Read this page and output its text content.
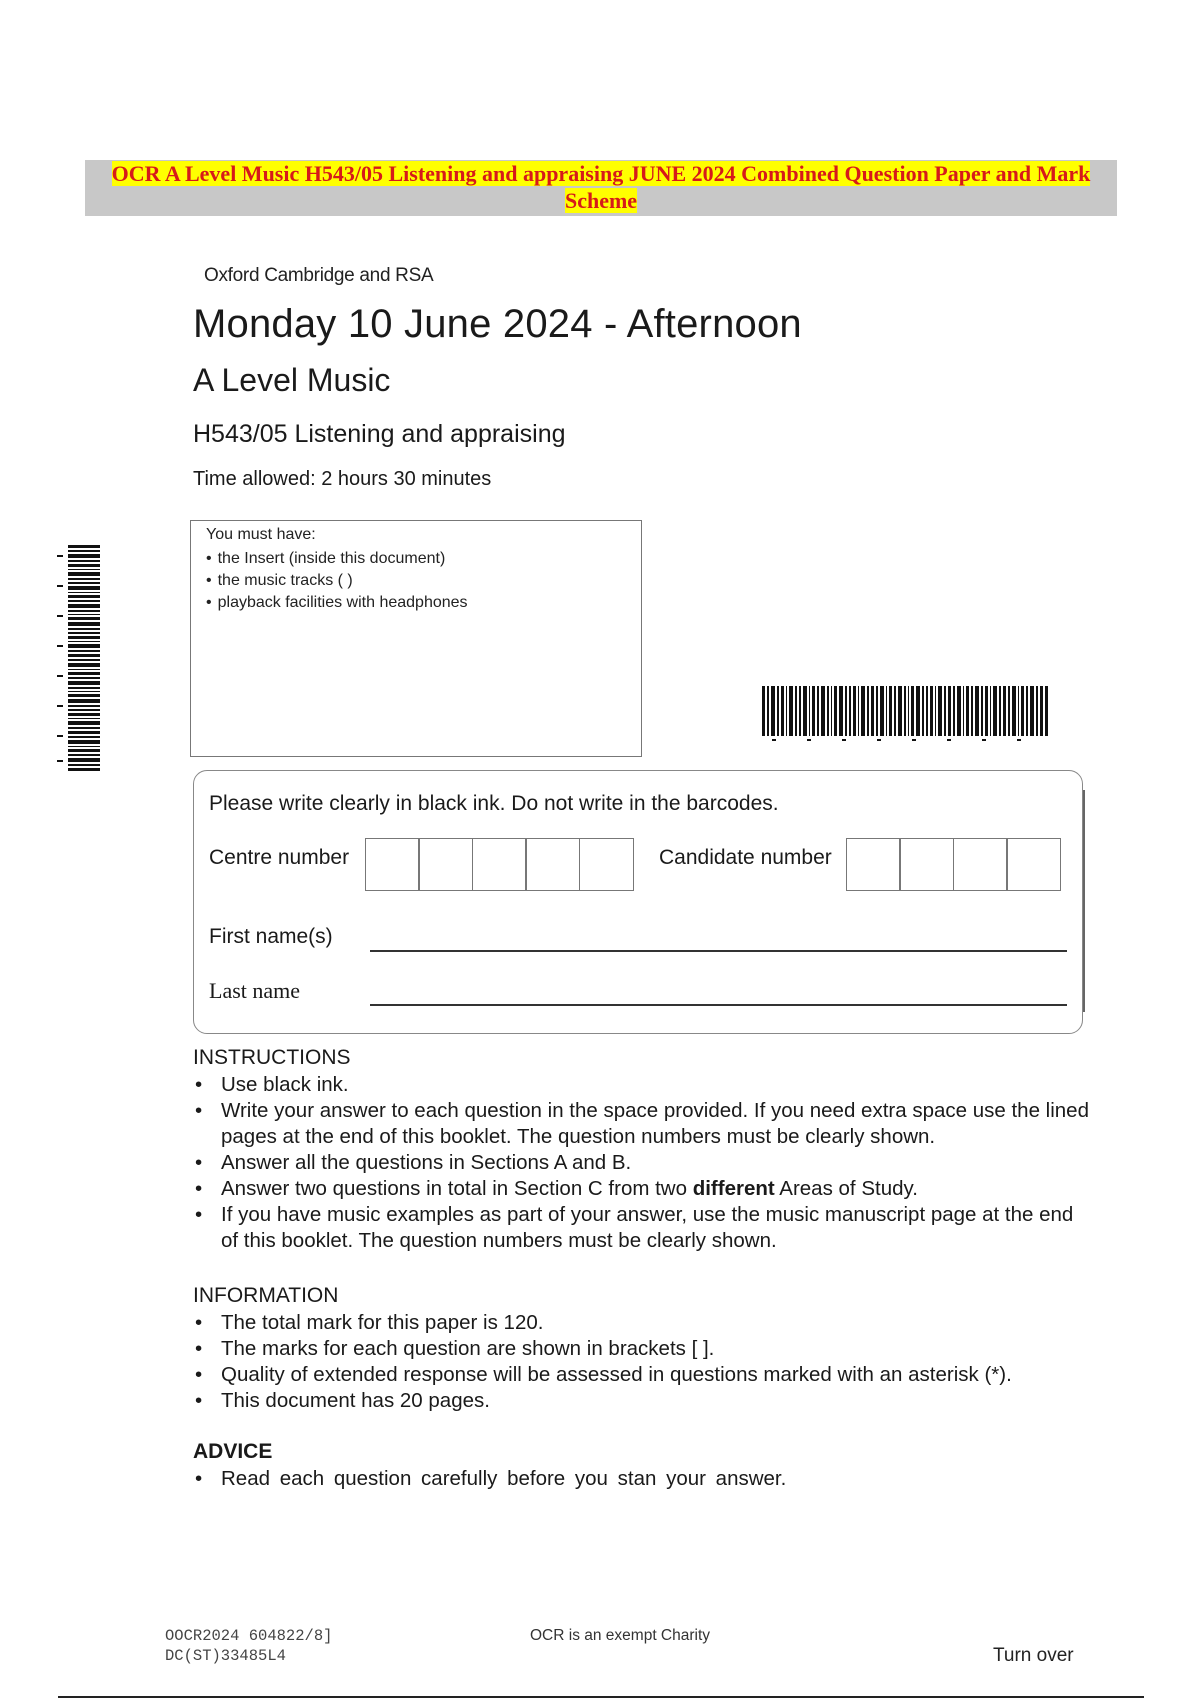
OCR A Level Music H543/05 Listening and appraising JUNE 2024 Combined Question Paper and Mark Scheme
Oxford Cambridge and RSA
Monday 10 June 2024 - Afternoon
A Level Music
H543/05 Listening and appraising
Time allowed: 2 hours 30 minutes
You must have:
• the Insert (inside this document)
• the music tracks ( )
• playback facilities with headphones
Please write clearly in black ink. Do not write in the barcodes.
Centre number	Candidate number
First name(s)
Last name
INSTRUCTIONS
• Use black ink.
• Write your answer to each question in the space provided. If you need extra space use the lined pages at the end of this booklet. The question numbers must be clearly shown.
• Answer all the questions in Sections A and B.
• Answer two questions in total in Section C from two different Areas of Study.
• If you have music examples as part of your answer, use the music manuscript page at the end of this booklet. The question numbers must be clearly shown.
INFORMATION
• The total mark for this paper is 120.
• The marks for each question are shown in brackets [ ].
• Quality of extended response will be assessed in questions marked with an asterisk (*).
• This document has 20 pages.
ADVICE
• Read each question carefully before you stan your answer.
OOCR2024 604822/8]
DC(ST)33485L4
OCR is an exempt Charity
Turn over
